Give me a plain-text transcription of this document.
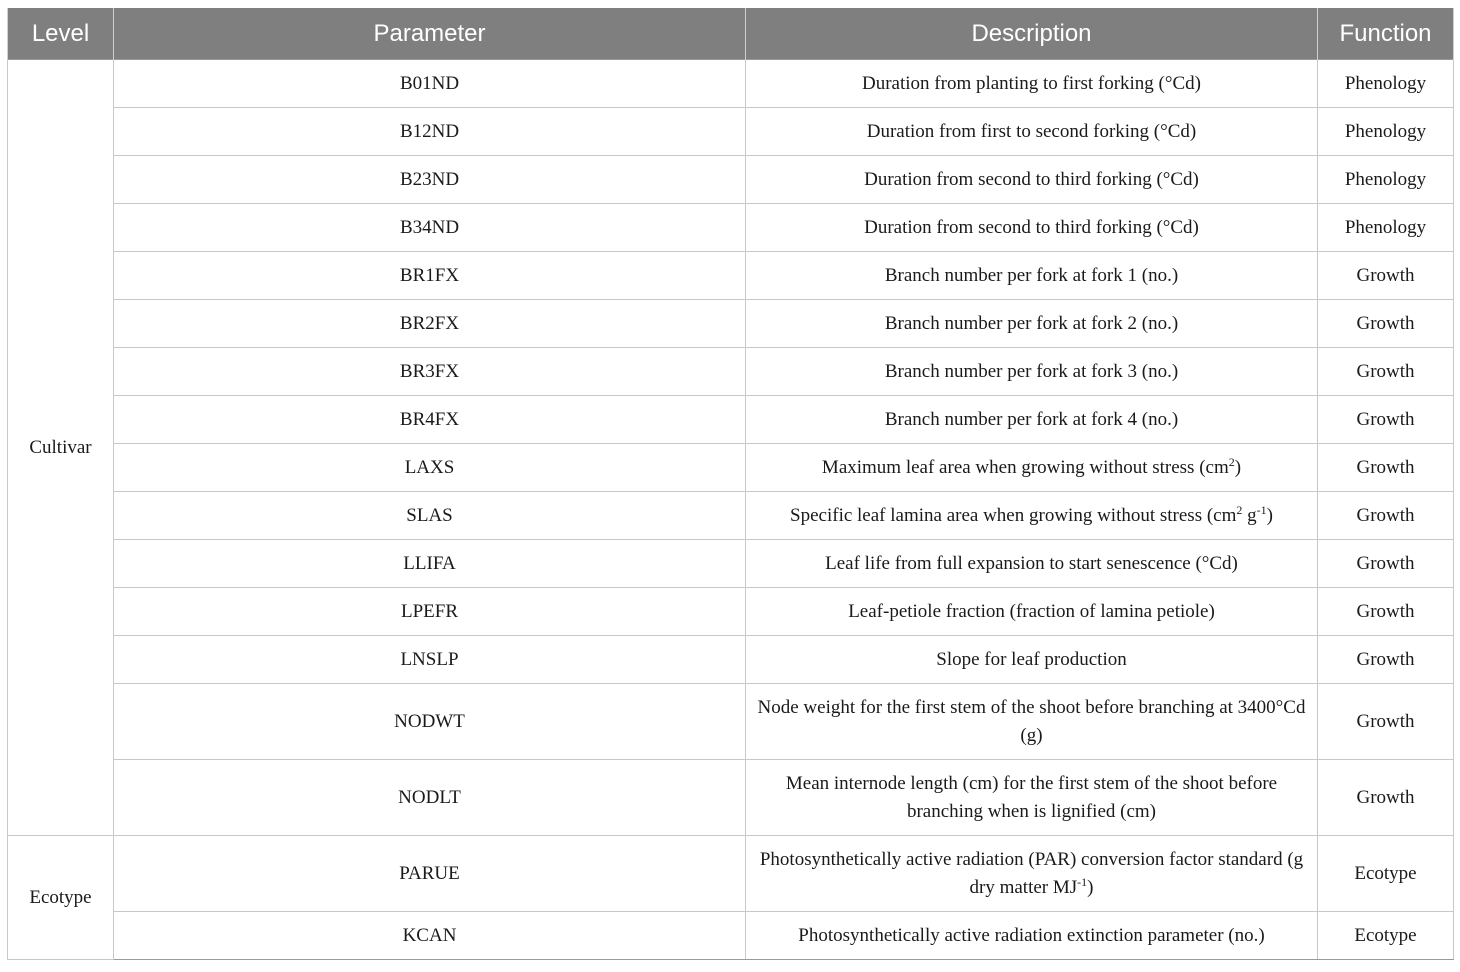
Level	Parameter	Description	Function
Cultivar	B01ND	Duration from planting to first forking (°Cd)	Phenology
	B12ND	Duration from first to second forking (°Cd)	Phenology
	B23ND	Duration from second to third forking (°Cd)	Phenology
	B34ND	Duration from second to third forking (°Cd)	Phenology
	BR1FX	Branch number per fork at fork 1 (no.)	Growth
	BR2FX	Branch number per fork at fork 2 (no.)	Growth
	BR3FX	Branch number per fork at fork 3 (no.)	Growth
	BR4FX	Branch number per fork at fork 4 (no.)	Growth
	LAXS	Maximum leaf area when growing without stress $(cm^2)$	Growth
	SLAS	Specific leaf lamina area when growing without stress ($cm^2$ $g^{-1}$)	Growth
	LLIFA	Leaf life from full expansion to start senescence (°Cd)	Growth
	LPEFR	Leaf-petiole fraction (fraction of lamina petiole)	Growth
	LNSLP	Slope for leaf production	Growth
	NODWT	Node weight for the first stem of the shoot before branching at 3400°Cd (g)	Growth
	NODLT	Mean internode length (cm) for the first stem of the shoot before branching when is lignified (cm)	Growth
Ecotype	PARUE	Photosynthetically active radiation (PAR) conversion factor standard (g dry matter $MJ^{-1}$)	Ecotype
	KCAN	Photosynthetically active radiation extinction parameter (no.)	Ecotype
